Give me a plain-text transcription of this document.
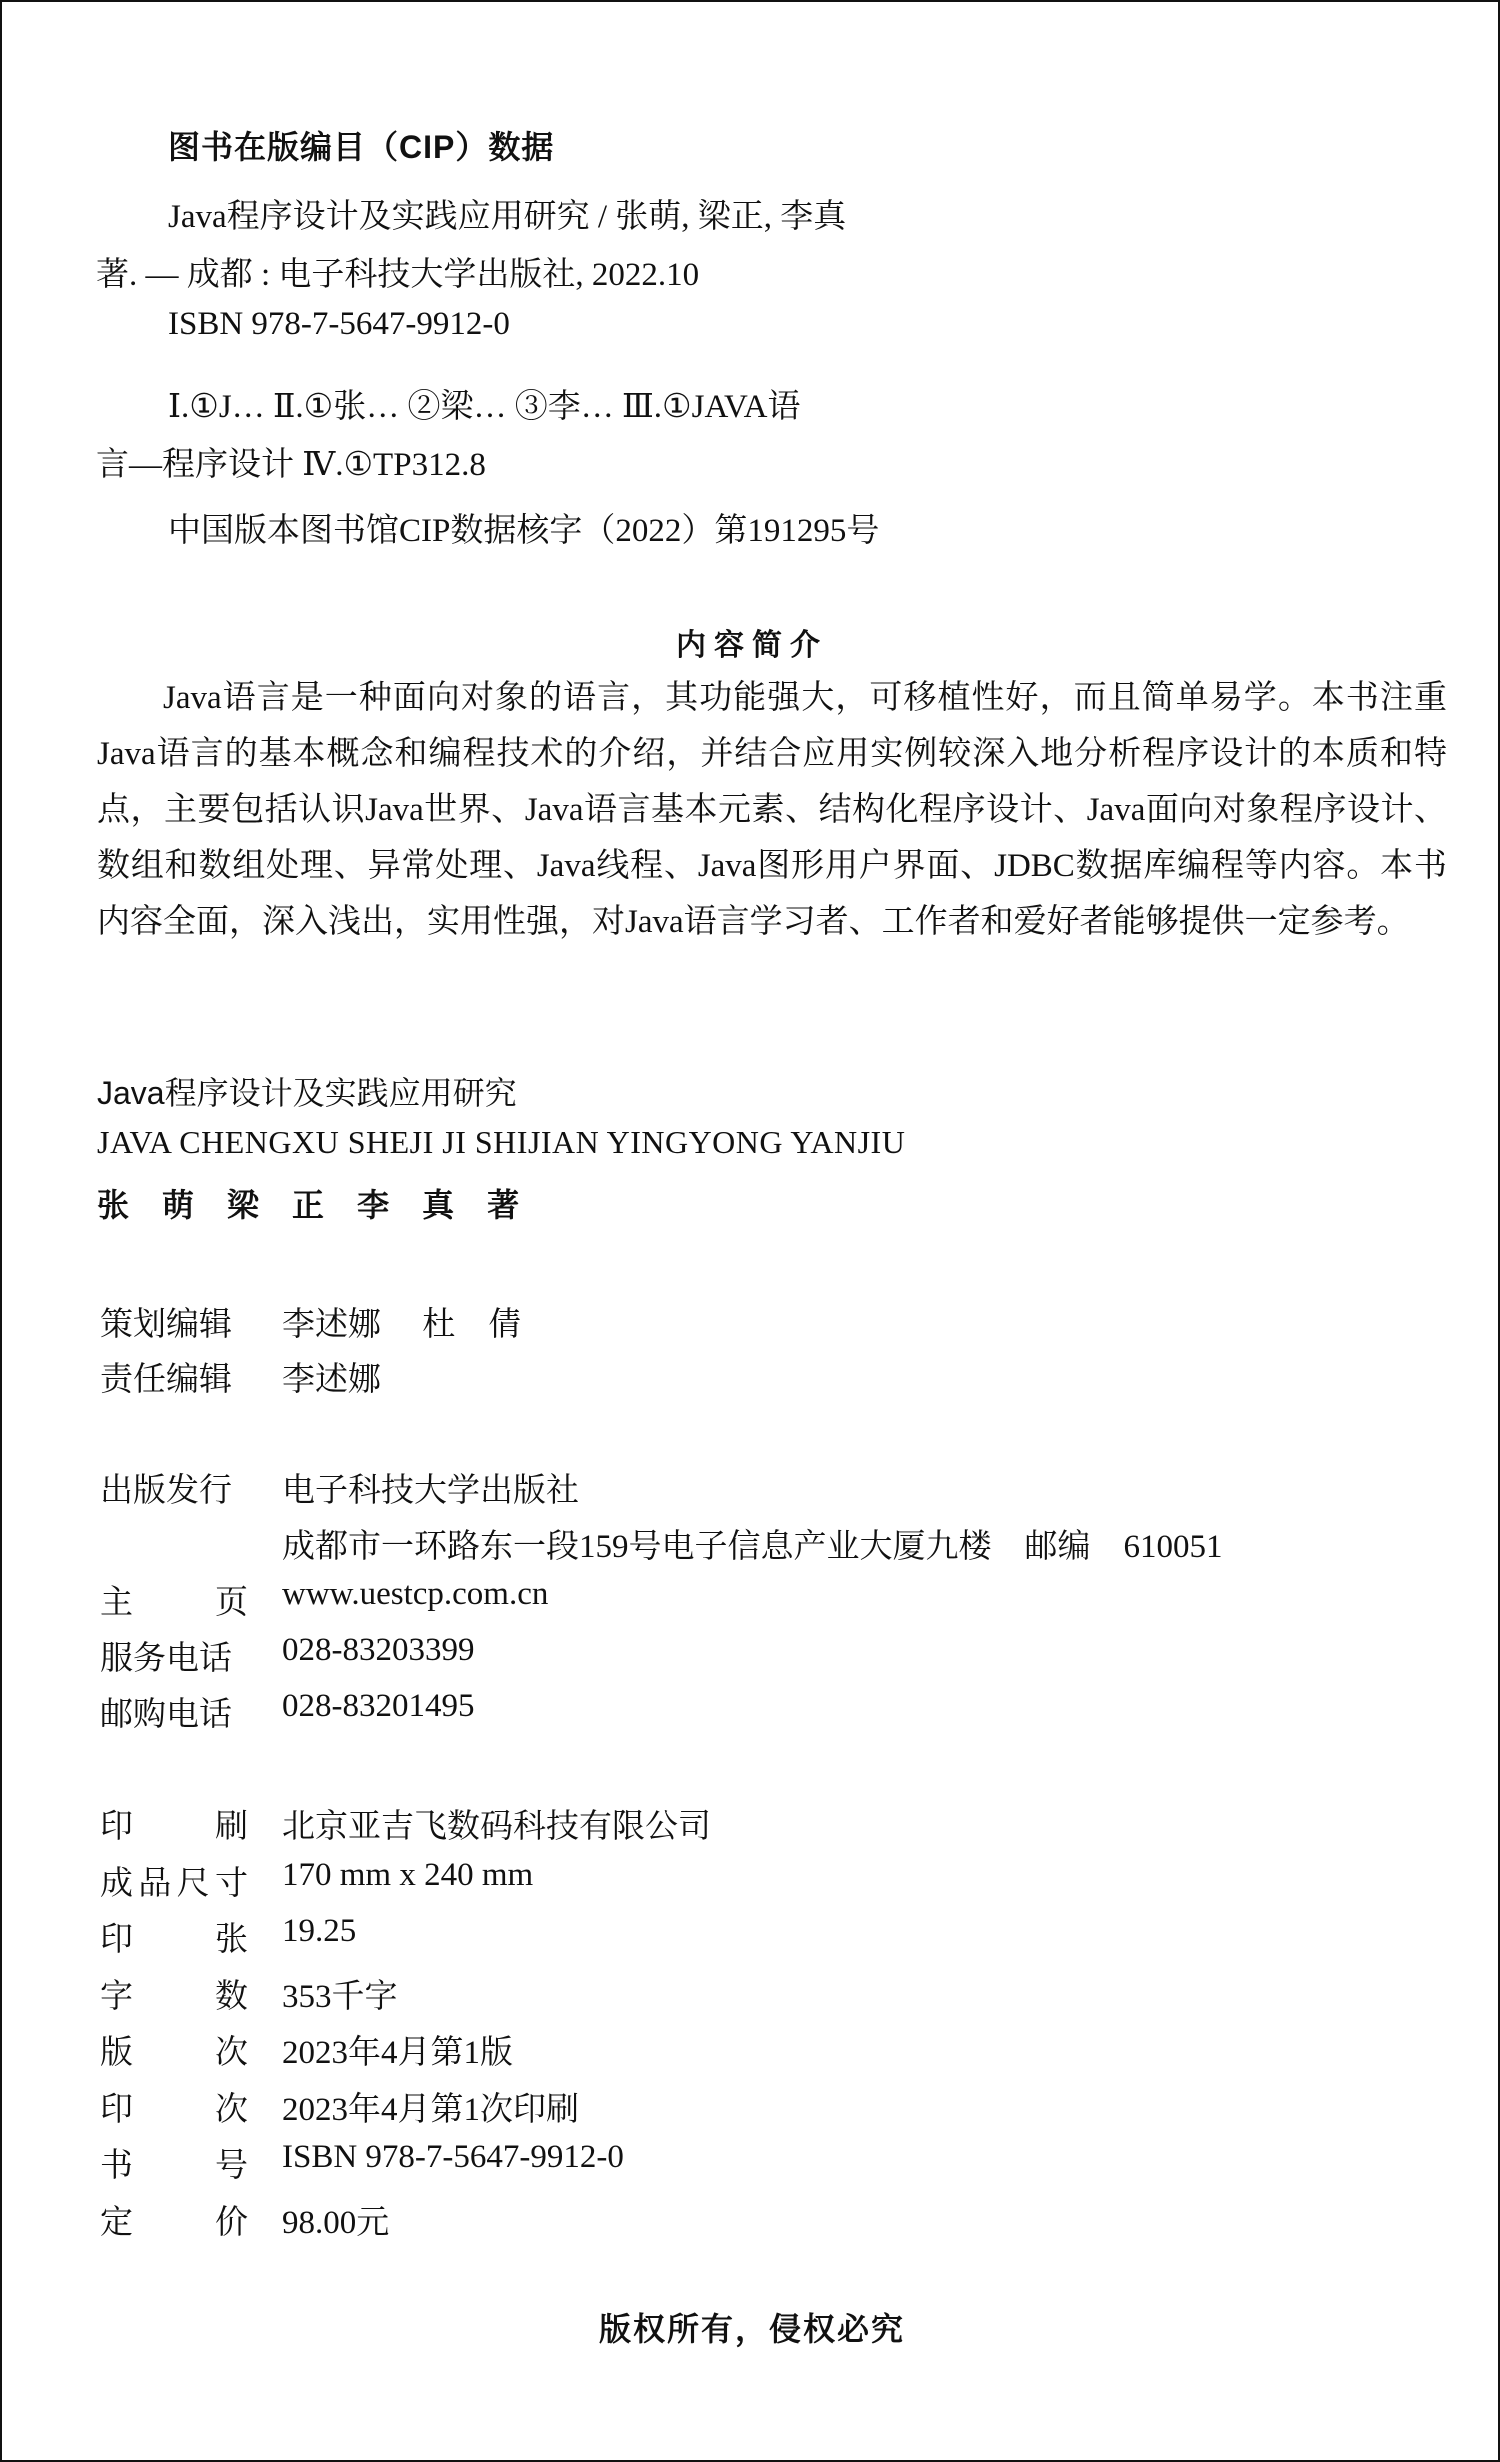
图书在版编目（CIP）数据
Java程序设计及实践应用研究 / 张萌, 梁正, 李真
著. — 成都 : 电子科技大学出版社, 2022.10
ISBN 978-7-5647-9912-0
Ⅰ.①J… Ⅱ.①张… ②梁… ③李… Ⅲ.①JAVA语
言—程序设计 Ⅳ.①TP312.8
中国版本图书馆CIP数据核字（2022）第191295号
内容简介

Java语言是一种面向对象的语言，其功能强大，可移植性好，而且简单易学。本书注重Java语言的基本概念和编程技术的介绍，并结合应用实例较深入地分析程序设计的本质和特点，主要包括认识Java世界、Java语言基本元素、结构化程序设计、Java面向对象程序设计、数组和数组处理、异常处理、Java线程、Java图形用户界面、JDBC数据库编程等内容。本书内容全面，深入浅出，实用性强，对Java语言学习者、工作者和爱好者能够提供一定参考。

Java程序设计及实践应用研究
JAVA CHENGXU SHEJI JI SHIJIAN YINGYONG YANJIU
张 萌 梁 正 李 真 著
策划编辑	李述娜　 杜　倩
责任编辑	李述娜
出版发行	电子科技大学出版社
成都市一环路东一段159号电子信息产业大厦九楼　邮编　610051
主 页 www.uestcp.com.cn
服务电话	028-83203399
邮购电话	028-83201495
印 刷 北京亚吉飞数码科技有限公司
成 品 尺 寸 170 mm x 240 mm
印 张 19.25
字 数 353千字
版 次 2023年4月第1版
印 次 2023年4月第1次印刷
书 号 ISBN 978-7-5647-9912-0
定 价 98.00元
版权所有，侵权必究
